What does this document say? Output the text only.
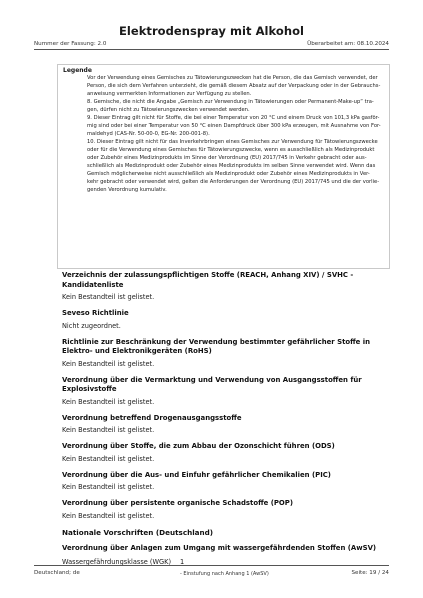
Elektrodenspray mit Alkohol
Nummer der Fassung: 2.0	Überarbeitet am: 08.10.2024
Legende

Vor der Verwendung eines Gemisches zu Tätowierungszwecken hat die Person, die das Gemisch verwendet, der

Person, die sich dem Verfahren unterzieht, die gemäß diesem Absatz auf der Verpackung oder in der Gebrauchs-

anweisung vermerkten Informationen zur Verfügung zu stellen.

8. Gemische, die nicht die Angabe „Gemisch zur Verwendung in Tätowierungen oder Permanent-Make-up“ tra-

gen, dürfen nicht zu Tätowierungszwecken verwendet werden.

9. Dieser Eintrag gilt nicht für Stoffe, die bei einer Temperatur von 20 °C und einem Druck von 101,3 kPa gasför-

mig sind oder bei einer Temperatur von 50 °C einen Dampfdruck über 300 kPa erzeugen, mit Ausnahme von For-

maldehyd (CAS-Nr. 50-00-0, EG-Nr. 200-001-8).

10. Dieser Eintrag gilt nicht für das Inverkehrbringen eines Gemisches zur Verwendung für Tätowierungszwecke

oder für die Verwendung eines Gemisches für Tätowierungszwecke, wenn es ausschließlich als Medizinprodukt

oder Zubehör eines Medizinprodukts im Sinne der Verordnung (EU) 2017/745 in Verkehr gebracht oder aus-

schließlich als Medizinprodukt oder Zubehör eines Medizinprodukts im selben Sinne verwendet wird. Wenn das

Gemisch möglicherweise nicht ausschließlich als Medizinprodukt oder Zubehör eines Medizinprodukts in Ver-

kehr gebracht oder verwendet wird, gelten die Anforderungen der Verordnung (EU) 2017/745 und die der vorlie-

genden Verordnung kumulativ.

Verzeichnis der zulassungspflichtigen Stoffe (REACH, Anhang XIV) / SVHC - Kandidatenliste
Kein Bestandteil ist gelistet.
Seveso Richtlinie
Nicht zugeordnet.
Richtlinie zur Beschränkung der Verwendung bestimmter gefährlicher Stoffe in Elektro- und Elektronikgeräten (RoHS)
Kein Bestandteil ist gelistet.
Verordnung über die Vermarktung und Verwendung von Ausgangsstoffen für Explosivstoffe
Kein Bestandteil ist gelistet.
Verordnung betreffend Drogenausgangsstoffe
Kein Bestandteil ist gelistet.
Verordnung über Stoffe, die zum Abbau der Ozonschicht führen (ODS)
Kein Bestandteil ist gelistet.
Verordnung über die Aus- und Einfuhr gefährlicher Chemikalien (PIC)
Kein Bestandteil ist gelistet.
Verordnung über persistente organische Schadstoffe (POP)
Kein Bestandteil ist gelistet.
Nationale Vorschriften (Deutschland)
Verordnung über Anlagen zum Umgang mit wassergefährdenden Stoffen (AwSV)
Wassergefährdungsklasse (WGK) 1
- Einstufung nach Anhang 1 (AwSV)
Deutschland; de	Seite: 19 / 24
